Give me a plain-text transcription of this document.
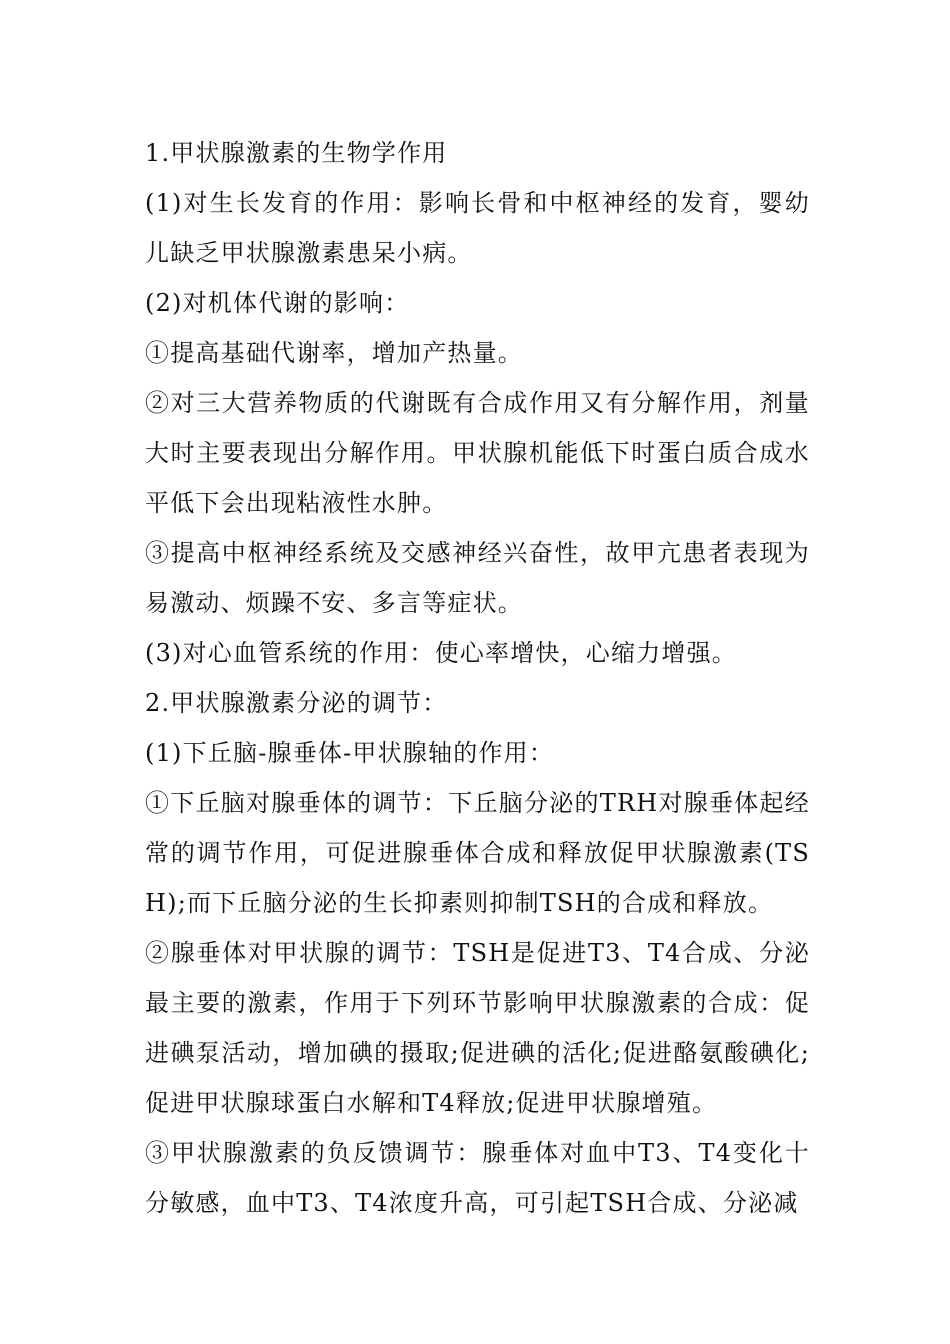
1.甲状腺激素的生物学作用

(1)对生长发育的作用：影响长骨和中枢神经的发育，婴幼儿缺乏甲状腺激素患呆小病。

(2)对机体代谢的影响：

①提高基础代谢率，增加产热量。

②对三大营养物质的代谢既有合成作用又有分解作用，剂量大时主要表现出分解作用。甲状腺机能低下时蛋白质合成水平低下会出现粘液性水肿。

③提高中枢神经系统及交感神经兴奋性，故甲亢患者表现为易激动、烦躁不安、多言等症状。

(3)对心血管系统的作用：使心率增快，心缩力增强。

2.甲状腺激素分泌的调节：

(1)下丘脑-腺垂体-甲状腺轴的作用：

①下丘脑对腺垂体的调节：下丘脑分泌的TRH对腺垂体起经常的调节作用，可促进腺垂体合成和释放促甲状腺激素(TSH);而下丘脑分泌的生长抑素则抑制TSH的合成和释放。

②腺垂体对甲状腺的调节：TSH是促进T3、T4合成、分泌最主要的激素，作用于下列环节影响甲状腺激素的合成：促进碘泵活动，增加碘的摄取;促进碘的活化;促进酪氨酸碘化;促进甲状腺球蛋白水解和T4释放;促进甲状腺增殖。

③甲状腺激素的负反馈调节：腺垂体对血中T3、T4变化十分敏感，血中T3、T4浓度升高，可引起TSH合成、分泌减
